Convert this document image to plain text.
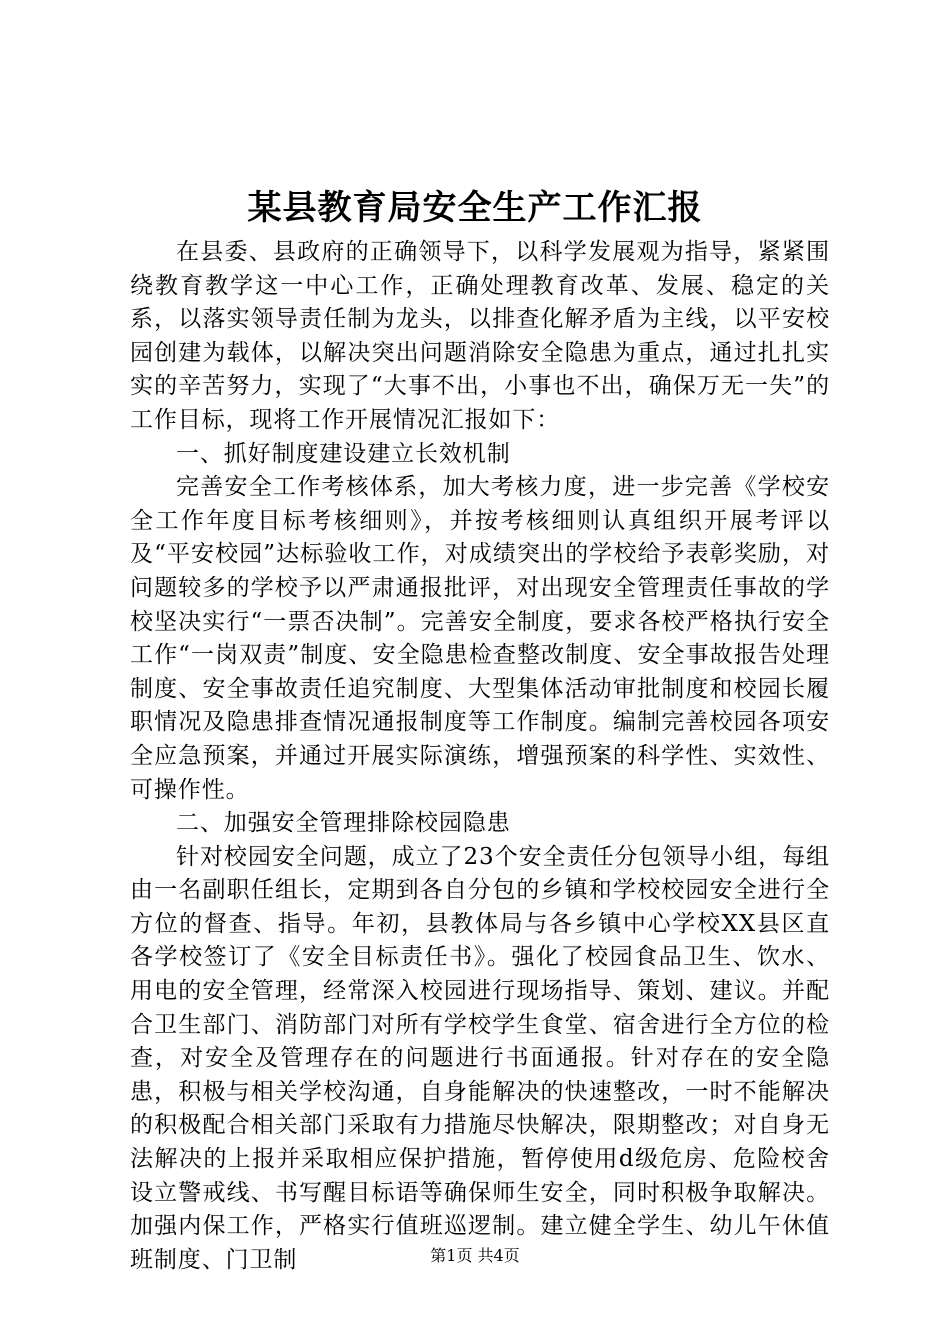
某县教育局安全生产工作汇报

在县委、县政府的正确领导下，以科学发展观为指导，紧紧围绕教育教学这一中心工作，正确处理教育改革、发展、稳定的关系，以落实领导责任制为龙头，以排查化解矛盾为主线，以平安校园创建为载体，以解决突出问题消除安全隐患为重点，通过扎扎实实的辛苦努力，实现了“大事不出，小事也不出，确保万无一失”的工作目标，现将工作开展情况汇报如下：

一、抓好制度建设建立长效机制

完善安全工作考核体系，加大考核力度，进一步完善《学校安全工作年度目标考核细则》，并按考核细则认真组织开展考评以及“平安校园”达标验收工作，对成绩突出的学校给予表彰奖励，对问题较多的学校予以严肃通报批评，对出现安全管理责任事故的学校坚决实行“一票否决制”。完善安全制度，要求各校严格执行安全工作“一岗双责”制度、安全隐患检查整改制度、安全事故报告处理制度、安全事故责任追究制度、大型集体活动审批制度和校园长履职情况及隐患排查情况通报制度等工作制度。编制完善校园各项安全应急预案，并通过开展实际演练，增强预案的科学性、实效性、可操作性。

二、加强安全管理排除校园隐患

针对校园安全问题，成立了23个安全责任分包领导小组，每组由一名副职任组长，定期到各自分包的乡镇和学校校园安全进行全方位的督查、指导。年初，县教体局与各乡镇中心学校XX县区直各学校签订了《安全目标责任书》。强化了校园食品卫生、饮水、用电的安全管理，经常深入校园进行现场指导、策划、建议。并配合卫生部门、消防部门对所有学校学生食堂、宿舍进行全方位的检查，对安全及管理存在的问题进行书面通报。针对存在的安全隐患，积极与相关学校沟通，自身能解决的快速整改，一时不能解决的积极配合相关部门采取有力措施尽快解决，限期整改；对自身无法解决的上报并采取相应保护措施，暂停使用d级危房、危险校舍设立警戒线、书写醒目标语等确保师生安全，同时积极争取解决。加强内保工作，严格实行值班巡逻制。建立健全学生、幼儿午休值班制度、门卫制	第1页 共4页
